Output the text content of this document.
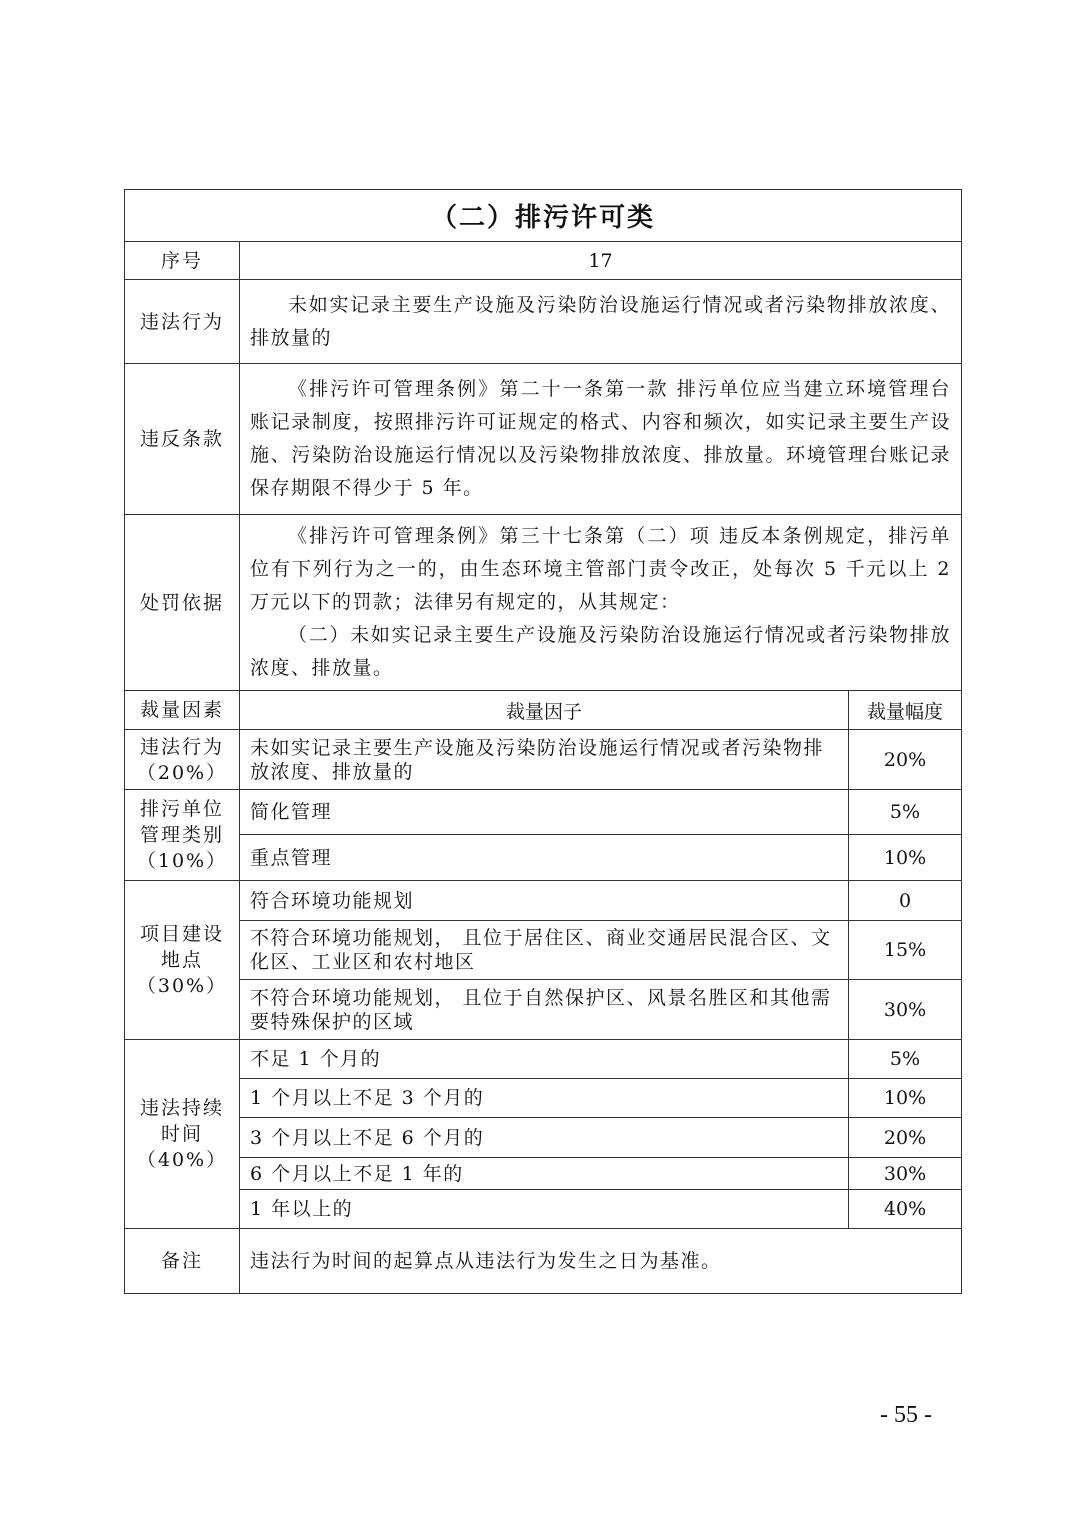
（二）排污许可类		
序号	17	
违法行为	未如实记录主要生产设施及污染防治设施运行情况或者污染物排放浓度、排放量的	

违反条款	《排污许可管理条例》第二十一条第一款 排污单位应当建立环境管理台账记录制度，按照排污许可证规定的格式、内容和频次，如实记录主要生产设施、污染防治设施运行情况以及污染物排放浓度、排放量。环境管理台账记录保存期限不得少于 5 年。	

处罚依据	《排污许可管理条例》第三十七条第（二）项 违反本条例规定，排污单位有下列行为之一的，由生态环境主管部门责令改正，处每次 5 千元以上 2 万元以下的罚款；法律另有规定的，从其规定：

（二）未如实记录主要生产设施及污染防治设施运行情况或者污染物排放浓度、排放量。	

裁量因素	裁量因子	裁量幅度
违法行为
（20%）	未如实记录主要生产设施及污染防治设施运行情况或者污染物排放浓度、排放量的	20%
排污单位
管理类别
（10%）	简化管理	5%
	重点管理	10%
项目建设
地点
（30%）	符合环境功能规划	0
	不符合环境功能规划， 且位于居住区、商业交通居民混合区、文化区、工业区和农村地区	15%
	不符合环境功能规划， 且位于自然保护区、风景名胜区和其他需要特殊保护的区域	30%
违法持续
时间
（40%）	不足 1 个月的	5%
	1 个月以上不足 3 个月的	10%
	3 个月以上不足 6 个月的	20%
	6 个月以上不足 1 年的	30%
	1 年以上的	40%
备注	违法行为时间的起算点从违法行为发生之日为基准。	
- 55 -
